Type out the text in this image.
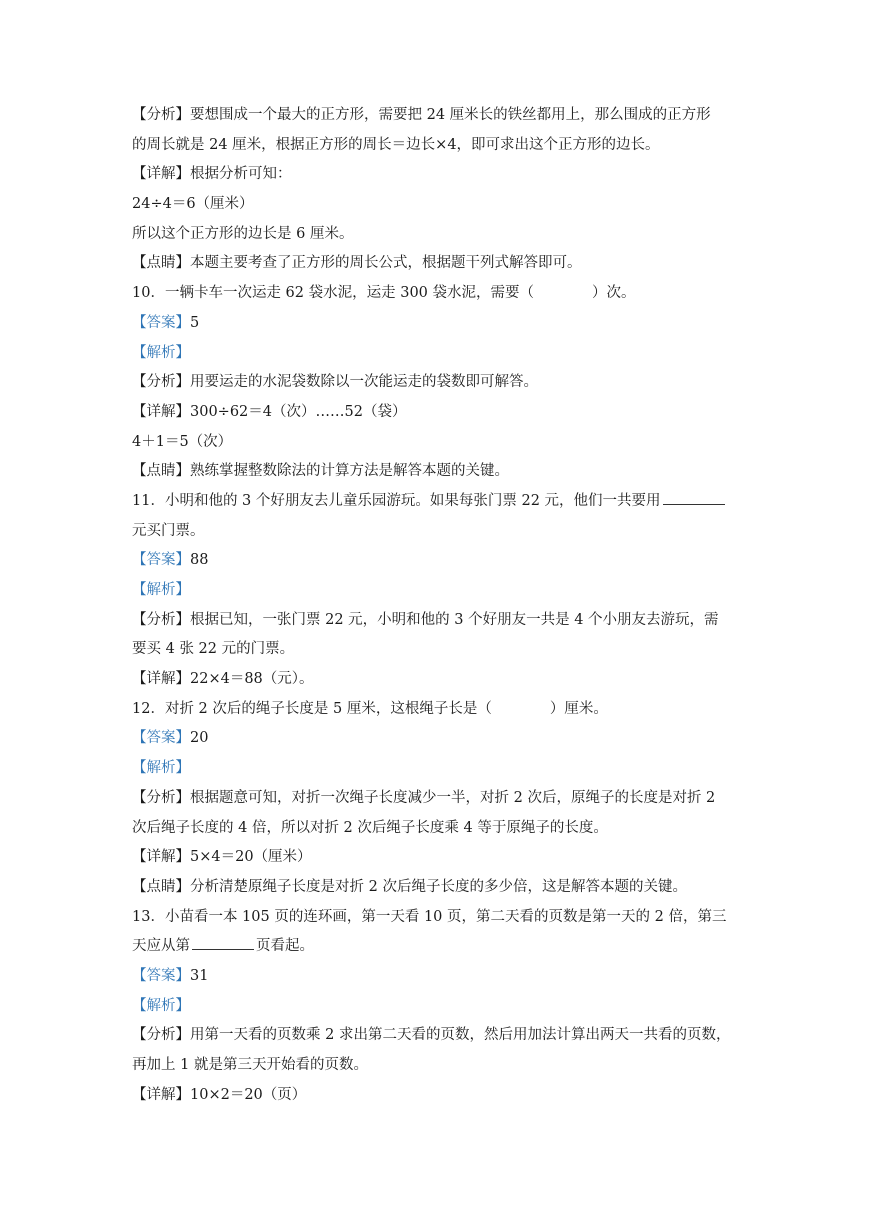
【分析】要想围成一个最大的正方形，需要把 24 厘米长的铁丝都用上，那么围成的正方形
的周长就是 24 厘米，根据正方形的周长＝边长×4，即可求出这个正方形的边长。
【详解】根据分析可知：
24÷4＝6（厘米）
所以这个正方形的边长是 6 厘米。
【点睛】本题主要考查了正方形的周长公式，根据题干列式解答即可。
10．一辆卡车一次运走 62 袋水泥，运走 300 袋水泥，需要（	）次。
【答案】5
【解析】
【分析】用要运走的水泥袋数除以一次能运走的袋数即可解答。
【详解】300÷62＝4（次）……52（袋）
4＋1＝5（次）
【点睛】熟练掌握整数除法的计算方法是解答本题的关键。
11．小明和他的 3 个好朋友去儿童乐园游玩。如果每张门票 22 元，他们一共要用
元买门票。
【答案】88
【解析】
【分析】根据已知，一张门票 22 元，小明和他的 3 个好朋友一共是 4 个小朋友去游玩，需
要买 4 张 22 元的门票。
【详解】22×4＝88（元）。
12．对折 2 次后的绳子长度是 5 厘米，这根绳子长是（	）厘米。
【答案】20
【解析】
【分析】根据题意可知，对折一次绳子长度减少一半，对折 2 次后，原绳子的长度是对折 2
次后绳子长度的 4 倍，所以对折 2 次后绳子长度乘 4 等于原绳子的长度。
【详解】5×4＝20（厘米）
【点睛】分析清楚原绳子长度是对折 2 次后绳子长度的多少倍，这是解答本题的关键。
13．小苗看一本 105 页的连环画，第一天看 10 页，第二天看的页数是第一天的 2 倍，第三
天应从第	页看起。
【答案】31
【解析】
【分析】用第一天看的页数乘 2 求出第二天看的页数，然后用加法计算出两天一共看的页数，
再加上 1 就是第三天开始看的页数。
【详解】10×2＝20（页）
